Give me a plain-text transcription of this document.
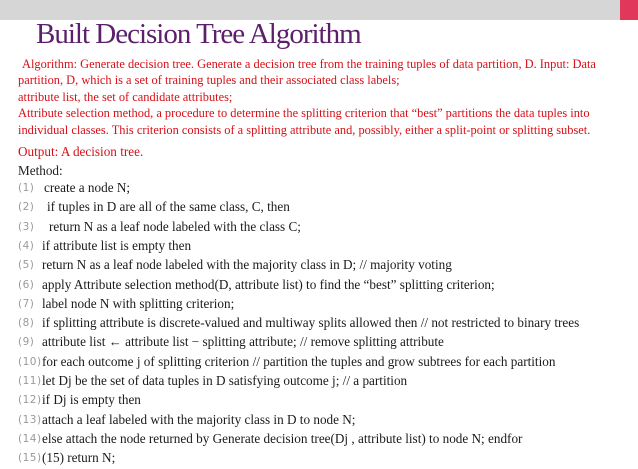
Built Decision Tree Algorithm

Algorithm: Generate decision tree. Generate a decision tree from the training tuples of data partition, D. Input: Data partition, D, which is a set of training tuples and their associated class labels;

attribute list, the set of candidate attributes;

Attribute selection method, a procedure to determine the splitting criterion that “best” partitions the data tuples into individual classes. This criterion consists of a splitting attribute and, possibly, either a split-point or splitting subset.

Output: A decision tree.

Method:

(1) create a node N;
(2) if tuples in D are all of the same class, C, then
(3) return N as a leaf node labeled with the class C;
(4) if attribute list is empty then
(5) return N as a leaf node labeled with the majority class in D; // majority voting
(6) apply Attribute selection method(D, attribute list) to find the “best” splitting criterion;
(7) label node N with splitting criterion;
(8) if splitting attribute is discrete-valued and multiway splits allowed then // not restricted to binary trees
(9) attribute list ← attribute list − splitting attribute; // remove splitting attribute
(10) for each outcome j of splitting criterion // partition the tuples and grow subtrees for each partition
(11) let Dj be the set of data tuples in D satisfying outcome j; // a partition
(12) if Dj is empty then
(13) attach a leaf labeled with the majority class in D to node N;
(14) else attach the node returned by Generate decision tree(Dj , attribute list) to node N; endfor
(15) (15) return N;
